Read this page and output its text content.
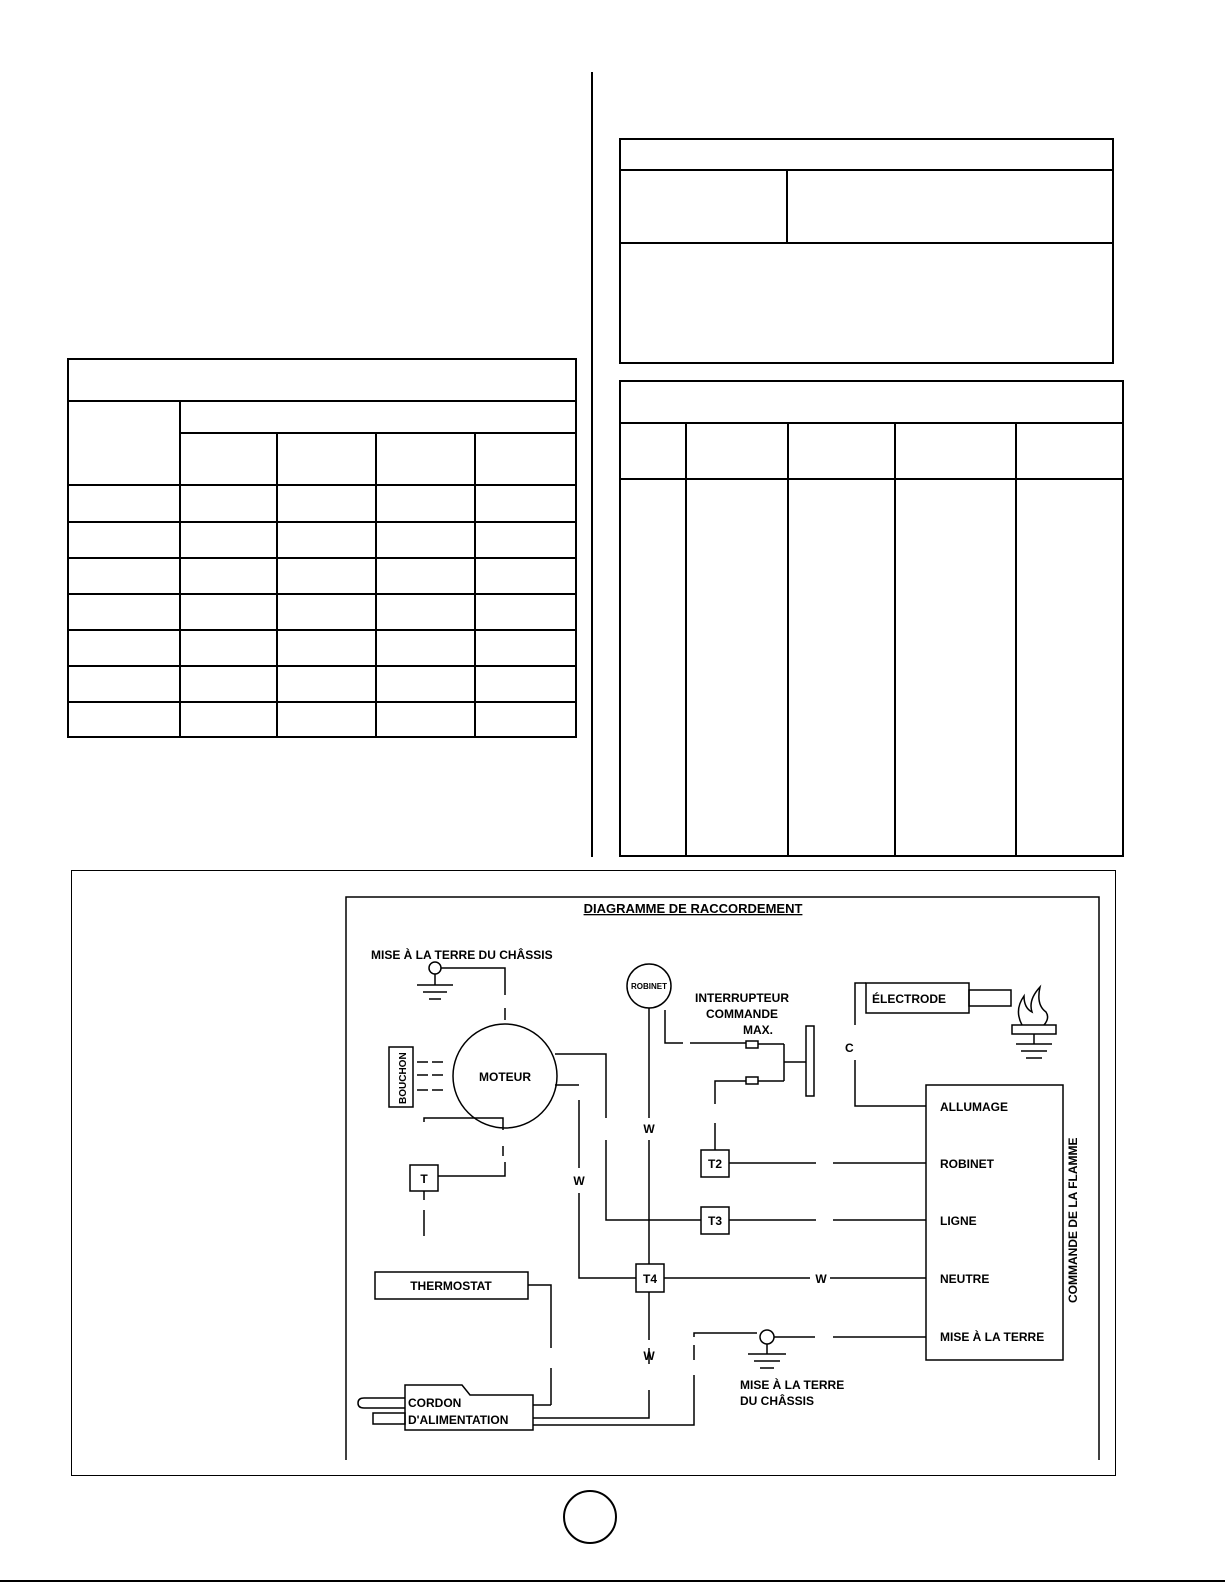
DIAGRAMME DE RACCORDEMENT
MISE À LA TERRE DU CHÂSSIS
ROBINET
INTERRUPTEUR
COMMANDE
MAX.
ÉLECTRODE
BOUCHON	MOTEUR
C
ALLUMAGE
ROBINET
LIGNE
NEUTRE
MISE À LA TERRE
COMMANDE DE LA FLAMME
T
T2
T3
T4
W
W
W
W
THERMOSTAT
CORDON
D'ALIMENTATION
MISE À LA TERRE
DU CHÂSSIS
